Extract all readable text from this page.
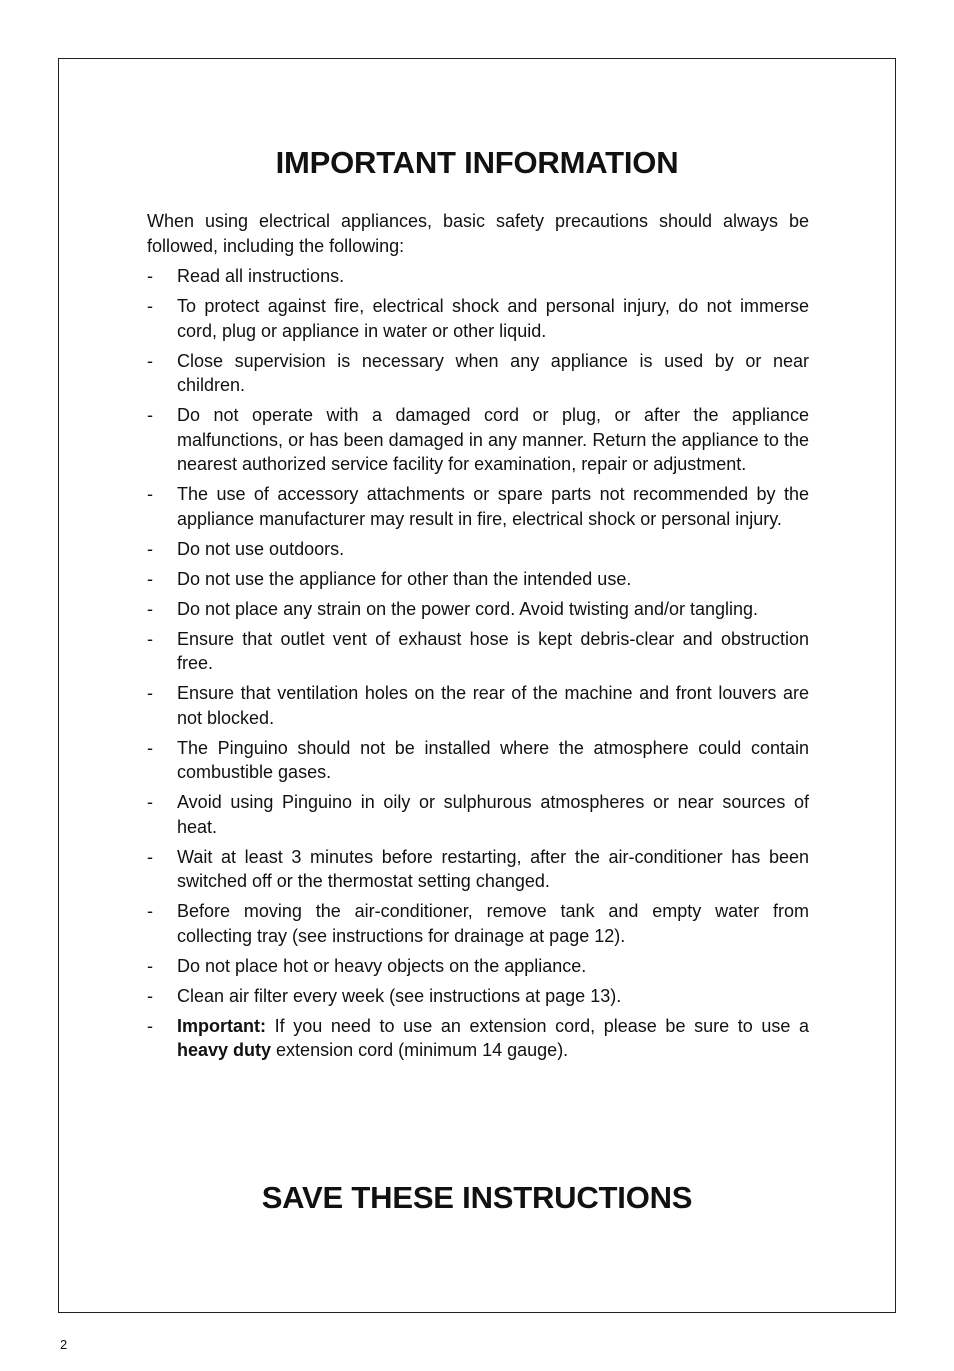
IMPORTANT INFORMATION

When using electrical appliances, basic safety precautions should always be followed, including the following:

- Read all instructions.
- To protect against fire, electrical shock and personal injury, do not immerse cord, plug or appliance in water or other liquid.
- Close supervision is necessary when any appliance is used by or near children.
- Do not operate with a damaged cord or plug, or after the appliance malfunctions, or has been damaged in any manner. Return the appliance to the nearest authorized service facility for examination, repair or adjustment.
- The use of accessory attachments or spare parts not recommended by the appliance manufacturer may result in fire, electrical shock or personal injury.
- Do not use outdoors.
- Do not use the appliance for other than the intended use.
- Do not place any strain on the power cord. Avoid twisting and/or tangling.
- Ensure that outlet vent of exhaust hose is kept debris-clear and obstruction free.
- Ensure that ventilation holes on the rear of the machine and front louvers are not blocked.
- The Pinguino should not be installed where the atmosphere could contain combustible gases.
- Avoid using Pinguino in oily or sulphurous atmospheres or near sources of heat.
- Wait at least 3 minutes before restarting, after the air-conditioner has been switched off or the thermostat setting changed.
- Before moving the air-conditioner, remove tank and empty water from collecting tray (see instructions for drainage at page 12).
- Do not place hot or heavy objects on the appliance.
- Clean air filter every week (see instructions at page 13).
- Important: If you need to use an extension cord, please be sure to use a heavy duty extension cord (minimum 14 gauge).
SAVE THESE INSTRUCTIONS
2
